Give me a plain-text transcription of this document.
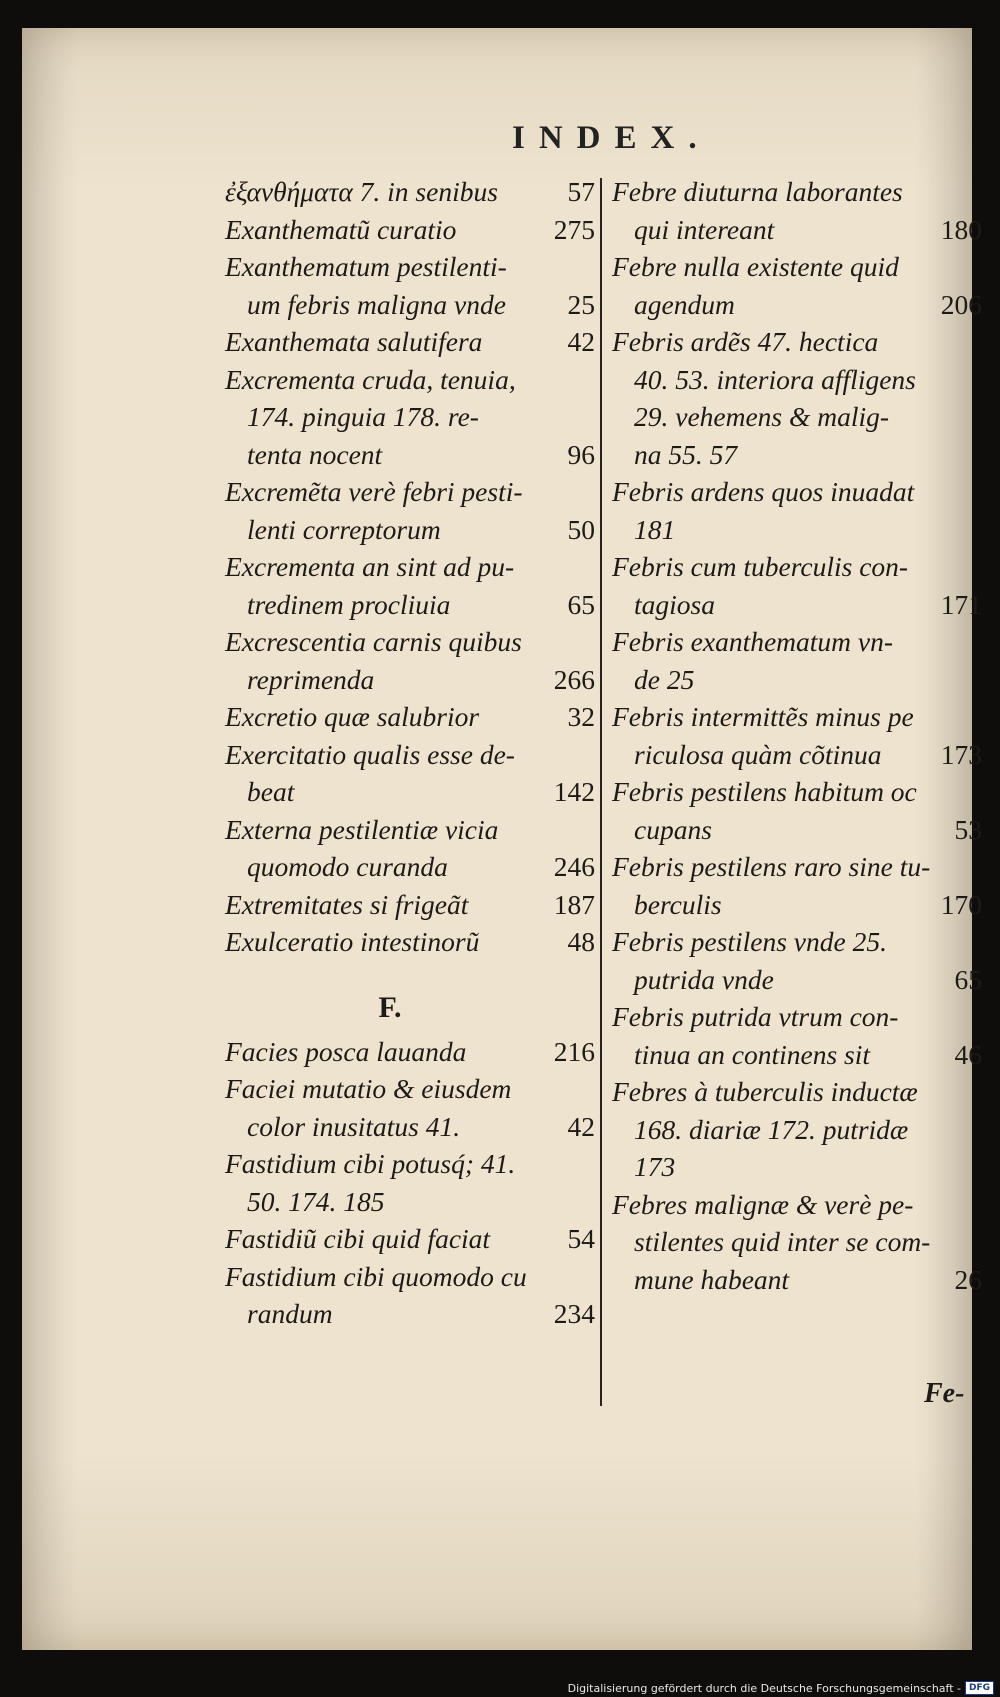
INDEX.
ἐξανθήματα 7. in senibus	57
Exanthematũ curatio	275
Exanthematum pestilenti-
um febris maligna vnde 25
Exanthemata salutifera	42
Excrementa cruda, tenuia,
174. pinguia 178. re-
tenta nocent	96
Excremẽta verè febri pesti-
lenti correptorum	50
Excrementa an sint ad pu-
tredinem procliuia	65
Excrescentia carnis quibus
reprimenda	266
Excretio quæ salubrior	32
Exercitatio qualis esse de-
beat	142
Externa pestilentiæ vicia
quomodo curanda	246
Extremitates si frigeãt	187
Exulceratio intestinorũ	48
F.
Facies posca lauanda	216
Faciei mutatio & eiusdem
color inusitatus 41.	42
Fastidium cibi potusq́; 41.
50. 174. 185
Fastidiũ cibi quid faciat	54
Fastidium cibi quomodo cu
randum	234
Febre diuturna laborantes
qui intereant	180
Febre nulla existente quid
agendum	206
Febris ardẽs 47. hectica
40. 53. interiora affligens
29. vehemens & malig-
na 55. 57
Febris ardens quos inuadat
181
Febris cum tuberculis con-
tagiosa	171
Febris exanthematum vn-
de 25
Febris intermittẽs minus pe
riculosa quàm cõtinua 173
Febris pestilens habitum oc
cupans	53
Febris pestilens raro sine tu-
berculis	170
Febris pestilens vnde 25.
putrida vnde	65
Febris putrida vtrum con-
tinua an continens sit	46
Febres à tuberculis inductæ
168. diariæ 172. putridæ
173
Febres malignæ & verè pe-
stilentes quid inter se com-
mune habeant	26
Fe-
Digitalisierung gefördert durch die Deutsche Forschungsgemeinschaft - DFG
